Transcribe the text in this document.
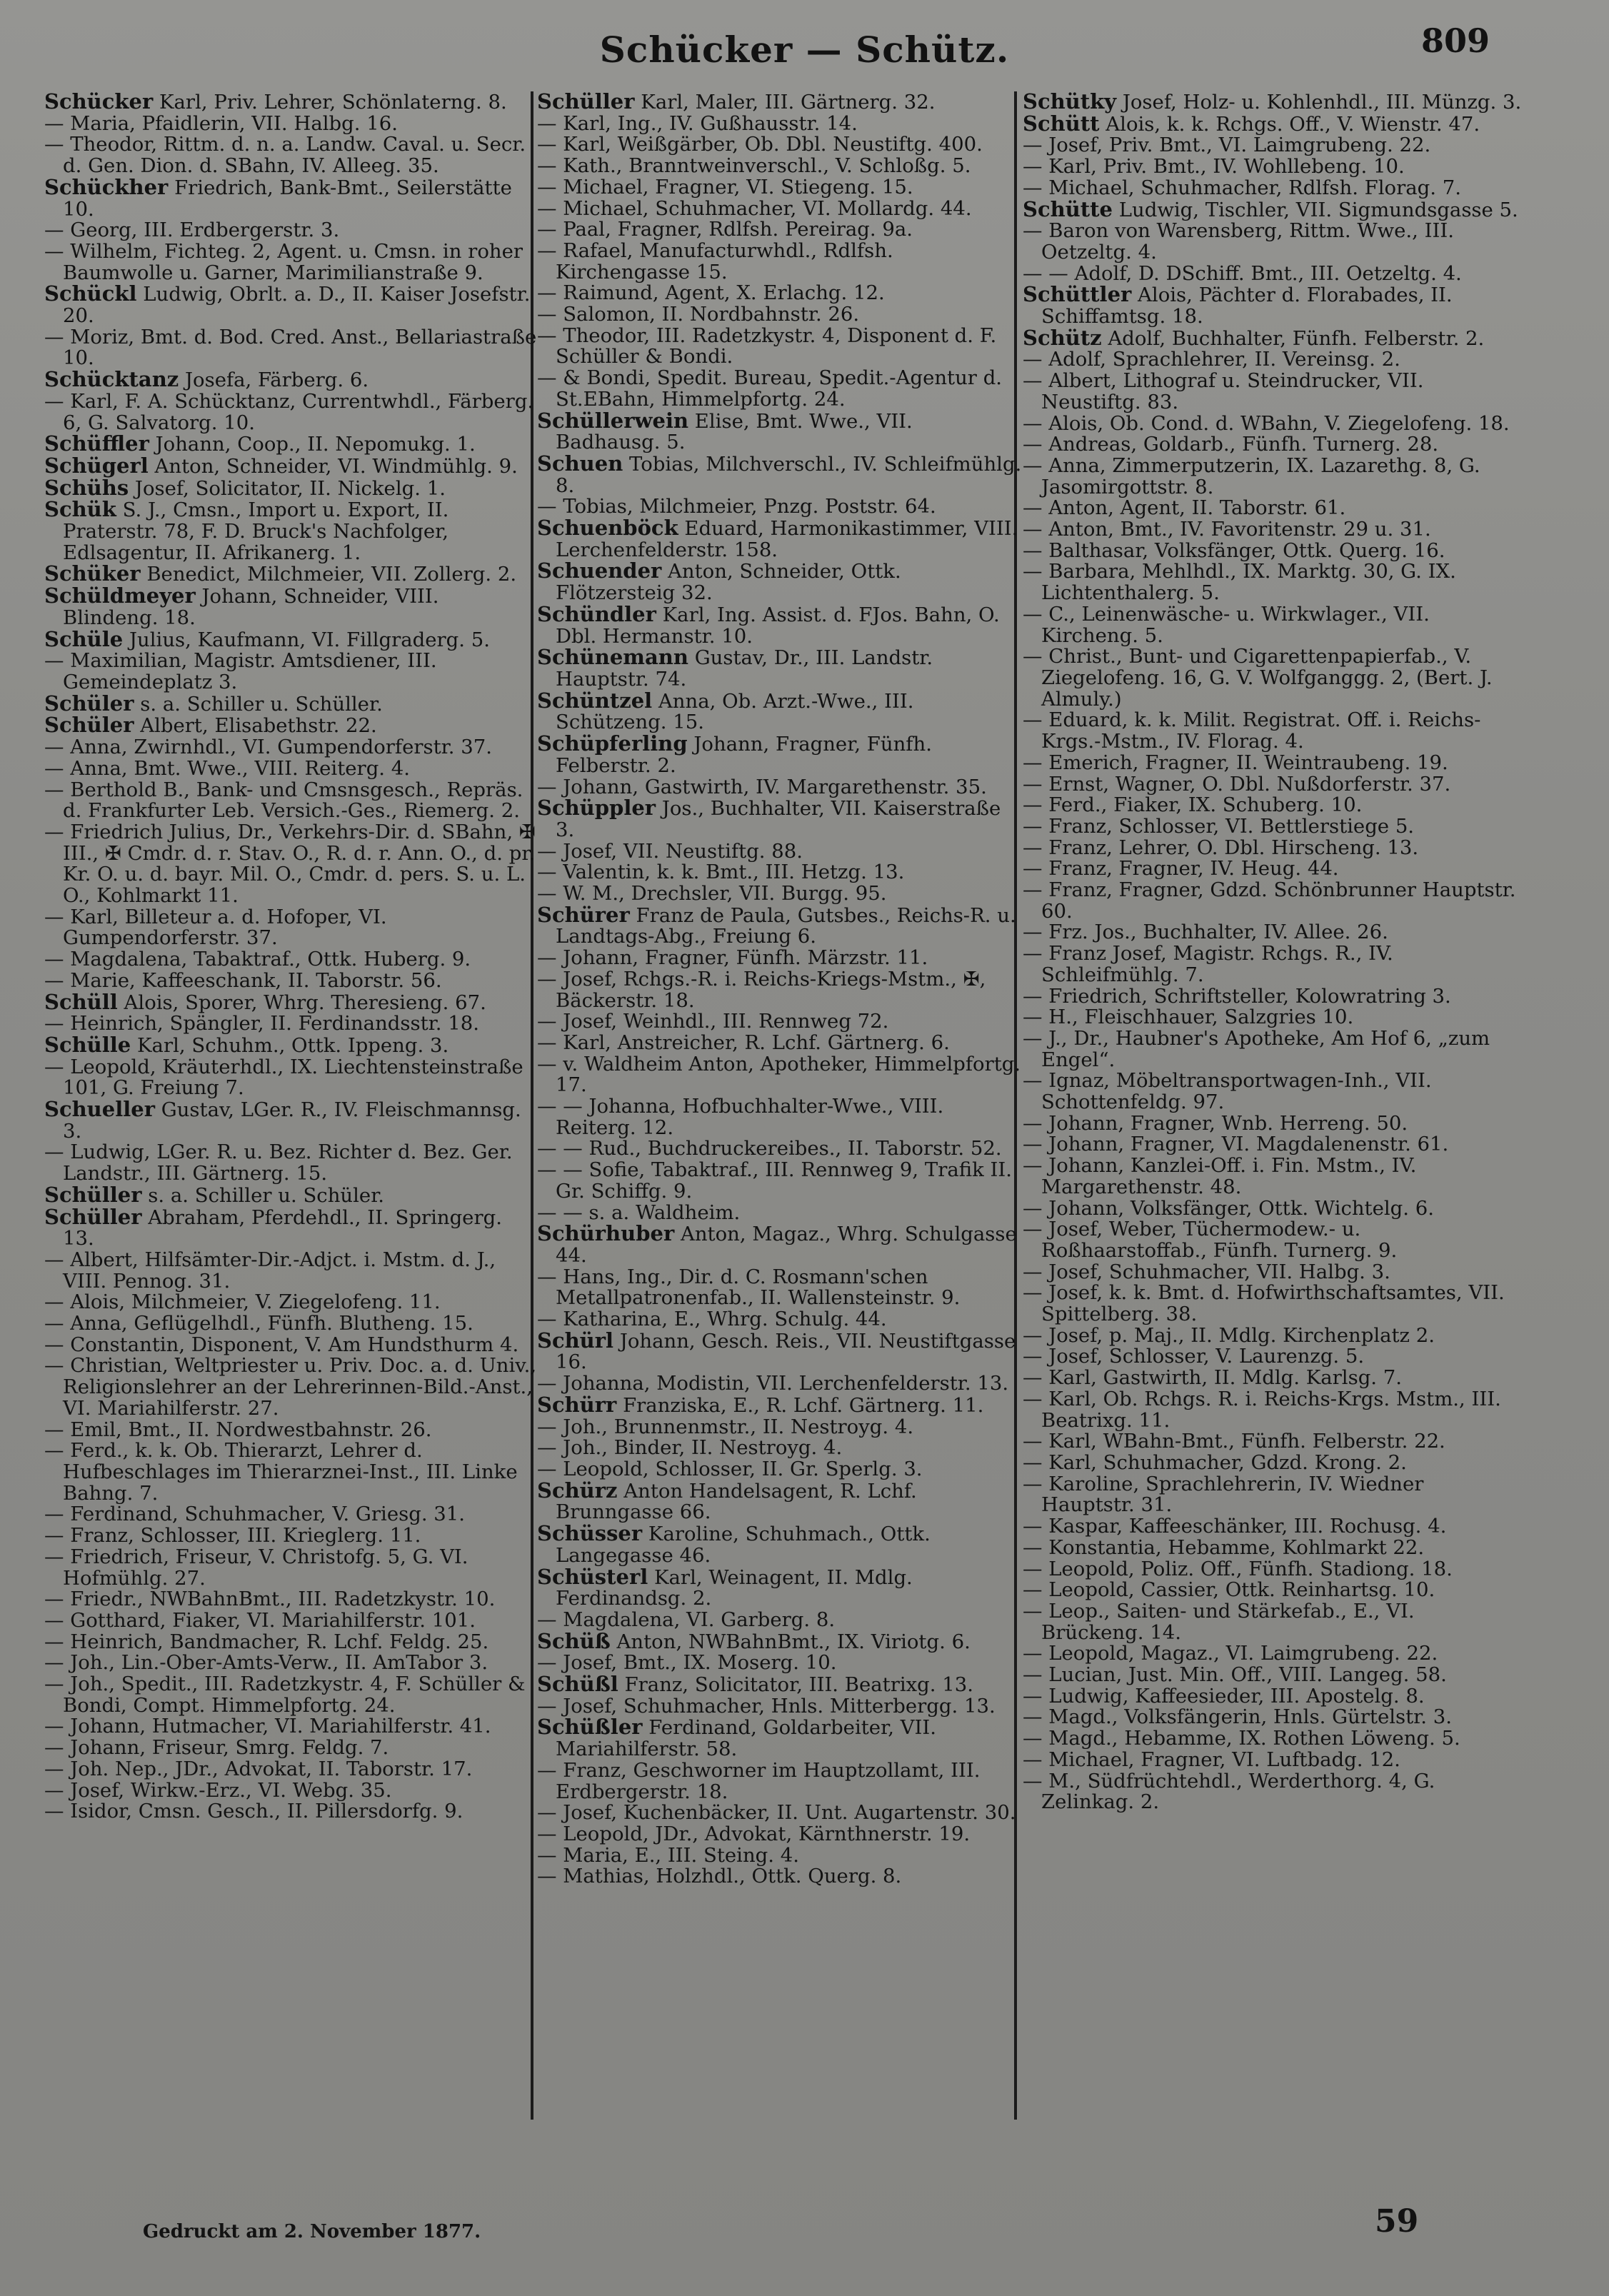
Schücker — Schütz.	809

Schücker Karl, Priv. Lehrer, Schönlaterng. 8.

— Maria, Pfaidlerin, VII. Halbg. 16.

— Theodor, Rittm. d. n. a. Landw. Caval. u. Secr. d. Gen. Dion. d. SBahn, IV. Alleeg. 35.

Schückher Friedrich, Bank-Bmt., Seilerstätte 10.

— Georg, III. Erdbergerstr. 3.

— Wilhelm, Fichteg. 2, Agent. u. Cmsn. in roher Baumwolle u. Garner, Marimilianstraße 9.

Schückl Ludwig, Obrlt. a. D., II. Kaiser Josefstr. 20.

— Moriz, Bmt. d. Bod. Cred. Anst., Bellariastraße 10.

Schücktanz Josefa, Färberg. 6.

— Karl, F. A. Schücktanz, Currentwhdl., Färberg. 6, G. Salvatorg. 10.

Schüffler Johann, Coop., II. Nepomukg. 1.

Schügerl Anton, Schneider, VI. Windmühlg. 9.

Schühs Josef, Solicitator, II. Nickelg. 1.

Schük S. J., Cmsn., Import u. Export, II. Praterstr. 78, F. D. Bruck's Nachfolger, Edlsagentur, II. Afrikanerg. 1.

Schüker Benedict, Milchmeier, VII. Zollerg. 2.

Schüldmeyer Johann, Schneider, VIII. Blindeng. 18.

Schüle Julius, Kaufmann, VI. Fillgraderg. 5.

— Maximilian, Magistr. Amtsdiener, III. Gemeindeplatz 3.

Schüler s. a. Schiller u. Schüller.

Schüler Albert, Elisabethstr. 22.

— Anna, Zwirnhdl., VI. Gumpendorferstr. 37.

— Anna, Bmt. Wwe., VIII. Reiterg. 4.

— Berthold B., Bank- und Cmsnsgesch., Repräs. d. Frankfurter Leb. Versich.-Ges., Riemerg. 2.

— Friedrich Julius, Dr., Verkehrs-Dir. d. SBahn, ✠ III., ✠ Cmdr. d. r. Stav. O., R. d. r. Ann. O., d. pr. Kr. O. u. d. bayr. Mil. O., Cmdr. d. pers. S. u. L. O., Kohlmarkt 11.

— Karl, Billeteur a. d. Hofoper, VI. Gumpendorferstr. 37.

— Magdalena, Tabaktraf., Ottk. Huberg. 9.

— Marie, Kaffeeschank, II. Taborstr. 56.

Schüll Alois, Sporer, Whrg. Theresieng. 67.

— Heinrich, Spängler, II. Ferdinandsstr. 18.

Schülle Karl, Schuhm., Ottk. Ippeng. 3.

— Leopold, Kräuterhdl., IX. Liechtensteinstraße 101, G. Freiung 7.

Schueller Gustav, LGer. R., IV. Fleischmannsg. 3.

— Ludwig, LGer. R. u. Bez. Richter d. Bez. Ger. Landstr., III. Gärtnerg. 15.

Schüller s. a. Schiller u. Schüler.

Schüller Abraham, Pferdehdl., II. Springerg. 13.

— Albert, Hilfsämter-Dir.-Adjct. i. Mstm. d. J., VIII. Pennog. 31.

— Alois, Milchmeier, V. Ziegelofeng. 11.

— Anna, Geflügelhdl., Fünfh. Blutheng. 15.

— Constantin, Disponent, V. Am Hundsthurm 4.

— Christian, Weltpriester u. Priv. Doc. a. d. Univ., Religionslehrer an der Lehrerinnen-Bild.-Anst., VI. Mariahilferstr. 27.

— Emil, Bmt., II. Nordwestbahnstr. 26.

— Ferd., k. k. Ob. Thierarzt, Lehrer d. Hufbeschlages im Thierarznei-Inst., III. Linke Bahng. 7.

— Ferdinand, Schuhmacher, V. Griesg. 31.

— Franz, Schlosser, III. Krieglerg. 11.

— Friedrich, Friseur, V. Christofg. 5, G. VI. Hofmühlg. 27.

— Friedr., NWBahnBmt., III. Radetzkystr. 10.

— Gotthard, Fiaker, VI. Mariahilferstr. 101.

— Heinrich, Bandmacher, R. Lchf. Feldg. 25.

— Joh., Lin.-Ober-Amts-Verw., II. AmTabor 3.

— Joh., Spedit., III. Radetzkystr. 4, F. Schüller & Bondi, Compt. Himmelpfortg. 24.

— Johann, Hutmacher, VI. Mariahilferstr. 41.

— Johann, Friseur, Smrg. Feldg. 7.

— Joh. Nep., JDr., Advokat, II. Taborstr. 17.

— Josef, Wirkw.-Erz., VI. Webg. 35.

— Isidor, Cmsn. Gesch., II. Pillersdorfg. 9.

Schüller Karl, Maler, III. Gärtnerg. 32.

— Karl, Ing., IV. Gußhausstr. 14.

— Karl, Weißgärber, Ob. Dbl. Neustiftg. 400.

— Kath., Branntweinverschl., V. Schloßg. 5.

— Michael, Fragner, VI. Stiegeng. 15.

— Michael, Schuhmacher, VI. Mollardg. 44.

— Paal, Fragner, Rdlfsh. Pereirag. 9a.

— Rafael, Manufacturwhdl., Rdlfsh. Kirchengasse 15.

— Raimund, Agent, X. Erlachg. 12.

— Salomon, II. Nordbahnstr. 26.

— Theodor, III. Radetzkystr. 4, Disponent d. F. Schüller & Bondi.

— & Bondi, Spedit. Bureau, Spedit.-Agentur d. St.EBahn, Himmelpfortg. 24.

Schüllerwein Elise, Bmt. Wwe., VII. Badhausg. 5.

Schuen Tobias, Milchverschl., IV. Schleifmühlg. 8.

— Tobias, Milchmeier, Pnzg. Poststr. 64.

Schuenböck Eduard, Harmonikastimmer, VIII. Lerchenfelderstr. 158.

Schuender Anton, Schneider, Ottk. Flötzersteig 32.

Schündler Karl, Ing. Assist. d. FJos. Bahn, O. Dbl. Hermanstr. 10.

Schünemann Gustav, Dr., III. Landstr. Hauptstr. 74.

Schüntzel Anna, Ob. Arzt.-Wwe., III. Schützeng. 15.

Schüpferling Johann, Fragner, Fünfh. Felberstr. 2.

— Johann, Gastwirth, IV. Margarethenstr. 35.

Schüppler Jos., Buchhalter, VII. Kaiserstraße 3.

— Josef, VII. Neustiftg. 88.

— Valentin, k. k. Bmt., III. Hetzg. 13.

— W. M., Drechsler, VII. Burgg. 95.

Schürer Franz de Paula, Gutsbes., Reichs-R. u. Landtags-Abg., Freiung 6.

— Johann, Fragner, Fünfh. Märzstr. 11.

— Josef, Rchgs.-R. i. Reichs-Kriegs-Mstm., ✠, Bäckerstr. 18.

— Josef, Weinhdl., III. Rennweg 72.

— Karl, Anstreicher, R. Lchf. Gärtnerg. 6.

— v. Waldheim Anton, Apotheker, Himmelpfortg. 17.

— — Johanna, Hofbuchhalter-Wwe., VIII. Reiterg. 12.

— — Rud., Buchdruckereibes., II. Taborstr. 52.

— — Sofie, Tabaktraf., III. Rennweg 9, Trafik II. Gr. Schiffg. 9.

— — s. a. Waldheim.

Schürhuber Anton, Magaz., Whrg. Schulgasse 44.

— Hans, Ing., Dir. d. C. Rosmann'schen Metallpatronenfab., II. Wallensteinstr. 9.

— Katharina, E., Whrg. Schulg. 44.

Schürl Johann, Gesch. Reis., VII. Neustiftgasse 16.

— Johanna, Modistin, VII. Lerchenfelderstr. 13.

Schürr Franziska, E., R. Lchf. Gärtnerg. 11.

— Joh., Brunnenmstr., II. Nestroyg. 4.

— Joh., Binder, II. Nestroyg. 4.

— Leopold, Schlosser, II. Gr. Sperlg. 3.

Schürz Anton Handelsagent, R. Lchf. Brunngasse 66.

Schüsser Karoline, Schuhmach., Ottk. Langegasse 46.

Schüsterl Karl, Weinagent, II. Mdlg. Ferdinandsg. 2.

— Magdalena, VI. Garberg. 8.

Schüß Anton, NWBahnBmt., IX. Viriotg. 6.

— Josef, Bmt., IX. Moserg. 10.

Schüßl Franz, Solicitator, III. Beatrixg. 13.

— Josef, Schuhmacher, Hnls. Mitterbergg. 13.

Schüßler Ferdinand, Goldarbeiter, VII. Mariahilferstr. 58.

— Franz, Geschworner im Hauptzollamt, III. Erdbergerstr. 18.

— Josef, Kuchenbäcker, II. Unt. Augartenstr. 30.

— Leopold, JDr., Advokat, Kärnthnerstr. 19.

— Maria, E., III. Steing. 4.

— Mathias, Holzhdl., Ottk. Querg. 8.

Schütky Josef, Holz- u. Kohlenhdl., III. Münzg. 3.

Schütt Alois, k. k. Rchgs. Off., V. Wienstr. 47.

— Josef, Priv. Bmt., VI. Laimgrubeng. 22.

— Karl, Priv. Bmt., IV. Wohllebeng. 10.

— Michael, Schuhmacher, Rdlfsh. Florag. 7.

Schütte Ludwig, Tischler, VII. Sigmundsgasse 5.

— Baron von Warensberg, Rittm. Wwe., III. Oetzeltg. 4.

— — Adolf, D. DSchiff. Bmt., III. Oetzeltg. 4.

Schüttler Alois, Pächter d. Florabades, II. Schiffamtsg. 18.

Schütz Adolf, Buchhalter, Fünfh. Felberstr. 2.

— Adolf, Sprachlehrer, II. Vereinsg. 2.

— Albert, Lithograf u. Steindrucker, VII. Neustiftg. 83.

— Alois, Ob. Cond. d. WBahn, V. Ziegelofeng. 18.

— Andreas, Goldarb., Fünfh. Turnerg. 28.

— Anna, Zimmerputzerin, IX. Lazarethg. 8, G. Jasomirgottstr. 8.

— Anton, Agent, II. Taborstr. 61.

— Anton, Bmt., IV. Favoritenstr. 29 u. 31.

— Balthasar, Volksfänger, Ottk. Querg. 16.

— Barbara, Mehlhdl., IX. Marktg. 30, G. IX. Lichtenthalerg. 5.

— C., Leinenwäsche- u. Wirkwlager., VII. Kircheng. 5.

— Christ., Bunt- und Cigarettenpapierfab., V. Ziegelofeng. 16, G. V. Wolfganggg. 2, (Bert. J. Almuly.)

— Eduard, k. k. Milit. Registrat. Off. i. Reichs-Krgs.-Mstm., IV. Florag. 4.

— Emerich, Fragner, II. Weintraubeng. 19.

— Ernst, Wagner, O. Dbl. Nußdorferstr. 37.

— Ferd., Fiaker, IX. Schuberg. 10.

— Franz, Schlosser, VI. Bettlerstiege 5.

— Franz, Lehrer, O. Dbl. Hirscheng. 13.

— Franz, Fragner, IV. Heug. 44.

— Franz, Fragner, Gdzd. Schönbrunner Hauptstr. 60.

— Frz. Jos., Buchhalter, IV. Allee. 26.

— Franz Josef, Magistr. Rchgs. R., IV. Schleifmühlg. 7.

— Friedrich, Schriftsteller, Kolowratring 3.

— H., Fleischhauer, Salzgries 10.

— J., Dr., Haubner's Apotheke, Am Hof 6, „zum Engel“.

— Ignaz, Möbeltransportwagen-Inh., VII. Schottenfeldg. 97.

— Johann, Fragner, Wnb. Herreng. 50.

— Johann, Fragner, VI. Magdalenenstr. 61.

— Johann, Kanzlei-Off. i. Fin. Mstm., IV. Margarethenstr. 48.

— Johann, Volksfänger, Ottk. Wichtelg. 6.

— Josef, Weber, Tüchermodew.- u. Roßhaarstoffab., Fünfh. Turnerg. 9.

— Josef, Schuhmacher, VII. Halbg. 3.

— Josef, k. k. Bmt. d. Hofwirthschaftsamtes, VII. Spittelberg. 38.

— Josef, p. Maj., II. Mdlg. Kirchenplatz 2.

— Josef, Schlosser, V. Laurenzg. 5.

— Karl, Gastwirth, II. Mdlg. Karlsg. 7.

— Karl, Ob. Rchgs. R. i. Reichs-Krgs. Mstm., III. Beatrixg. 11.

— Karl, WBahn-Bmt., Fünfh. Felberstr. 22.

— Karl, Schuhmacher, Gdzd. Krong. 2.

— Karoline, Sprachlehrerin, IV. Wiedner Hauptstr. 31.

— Kaspar, Kaffeeschänker, III. Rochusg. 4.

— Konstantia, Hebamme, Kohlmarkt 22.

— Leopold, Poliz. Off., Fünfh. Stadiong. 18.

— Leopold, Cassier, Ottk. Reinhartsg. 10.

— Leop., Saiten- und Stärkefab., E., VI. Brückeng. 14.

— Leopold, Magaz., VI. Laimgrubeng. 22.

— Lucian, Just. Min. Off., VIII. Langeg. 58.

— Ludwig, Kaffeesieder, III. Apostelg. 8.

— Magd., Volksfängerin, Hnls. Gürtelstr. 3.

— Magd., Hebamme, IX. Rothen Löweng. 5.

— Michael, Fragner, VI. Luftbadg. 12.

— M., Südfrüchtehdl., Werderthorg. 4, G. Zelinkag. 2.

Gedruckt am 2. November 1877.	59
